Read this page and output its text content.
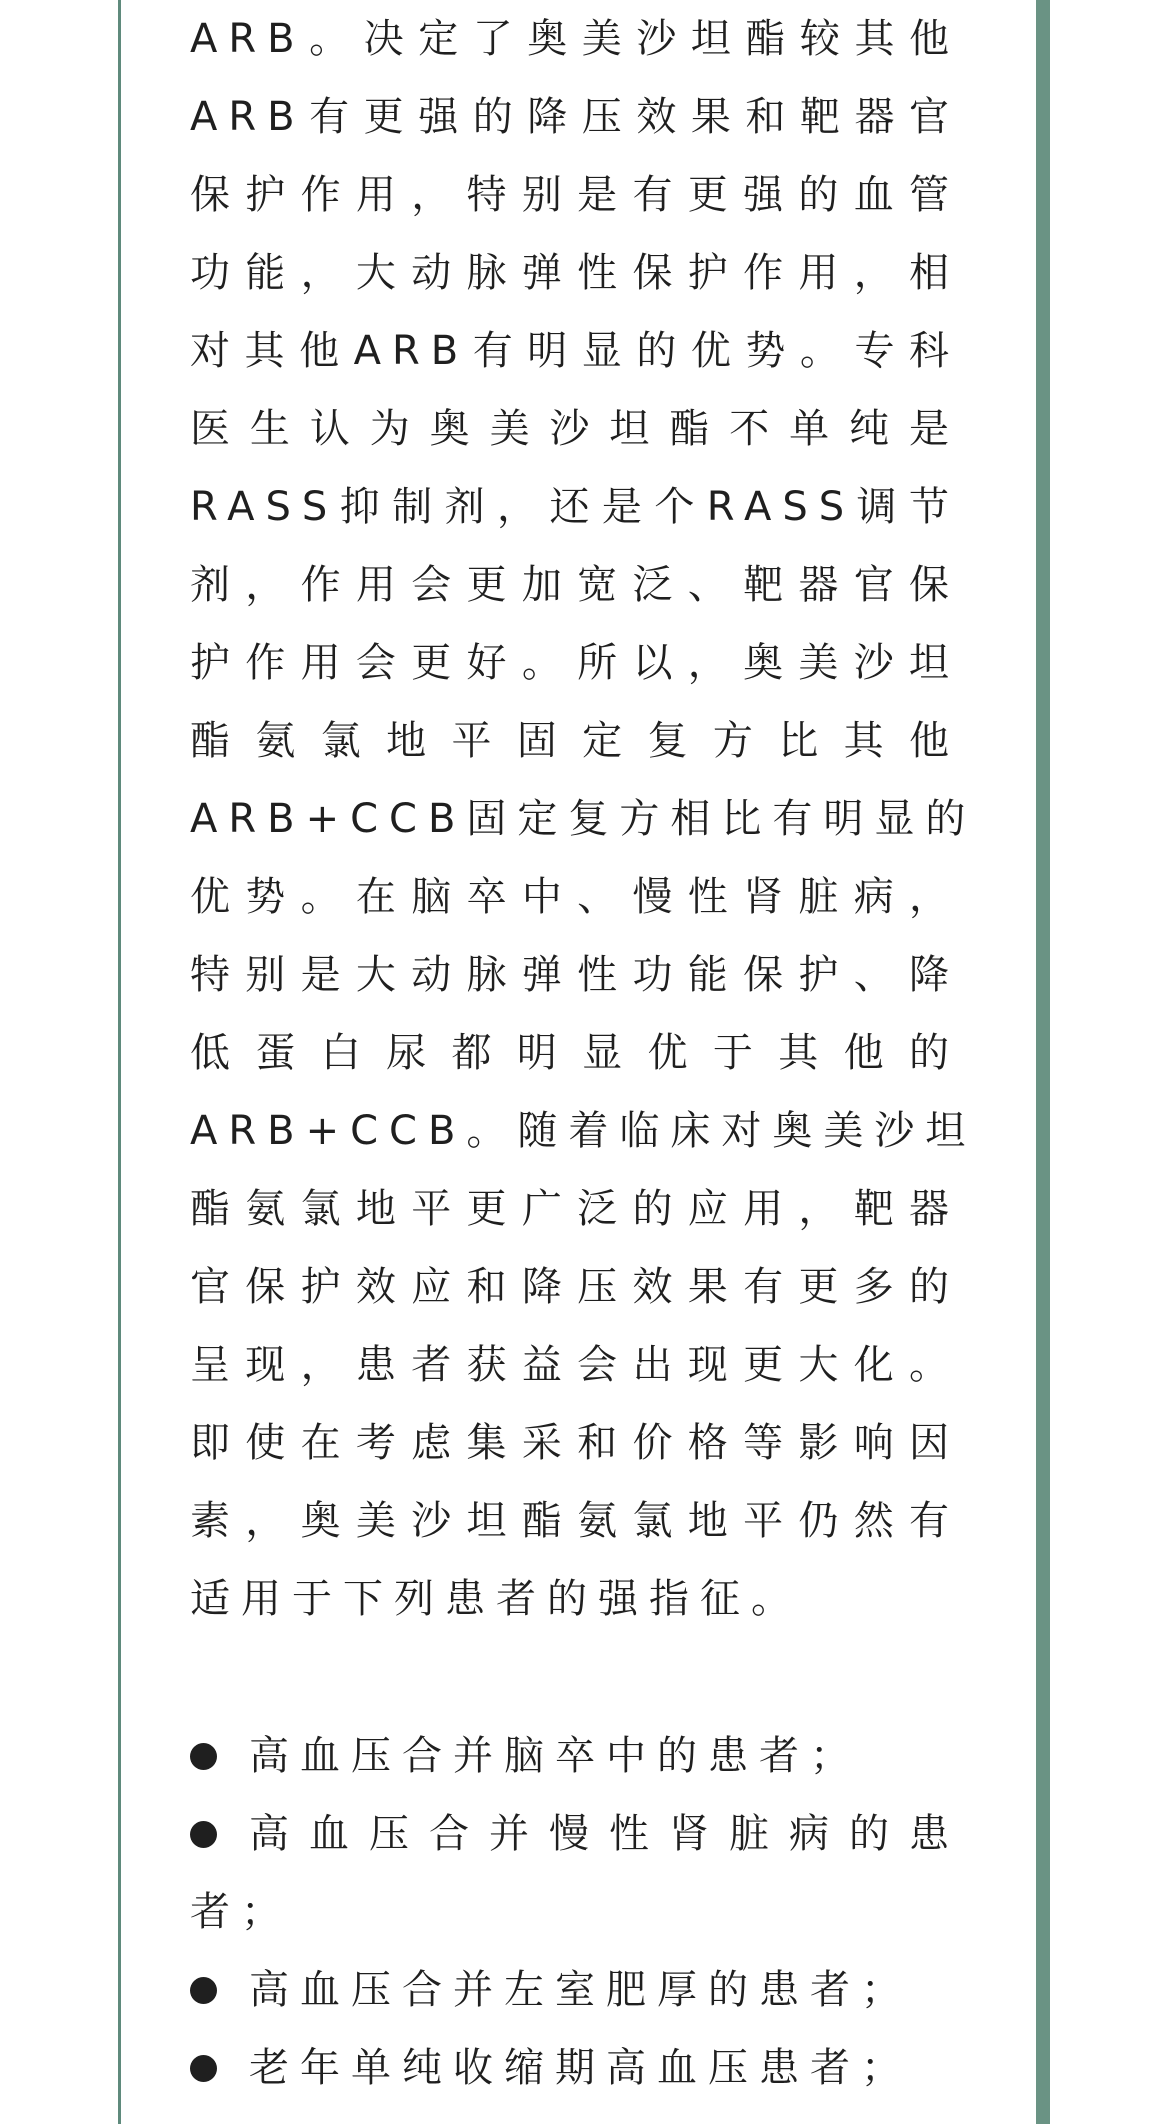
ARB。决定了奥美沙坦酯较其他
ARB有更强的降压效果和靶器官
保护作用，特别是有更强的血管
功能，大动脉弹性保护作用，相
对其他ARB有明显的优势。专科
医生认为奥美沙坦酯不单纯是
RASS抑制剂，还是个RASS调节
剂，作用会更加宽泛、靶器官保
护作用会更好。所以，奥美沙坦
酯氨氯地平固定复方比其他
ARB+CCB固定复方相比有明显的
优势。在脑卒中、慢性肾脏病，
特别是大动脉弹性功能保护、降
低蛋白尿都明显优于其他的
ARB+CCB。随着临床对奥美沙坦
酯氨氯地平更广泛的应用，靶器
官保护效应和降压效果有更多的
呈现，患者获益会出现更大化。
即使在考虑集采和价格等影响因
素，奥美沙坦酯氨氯地平仍然有
适用于下列患者的强指征。
高血压合并脑卒中的患者；
高血压合并慢性肾脏病的患
者；
高血压合并左室肥厚的患者；
老年单纯收缩期高血压患者；
